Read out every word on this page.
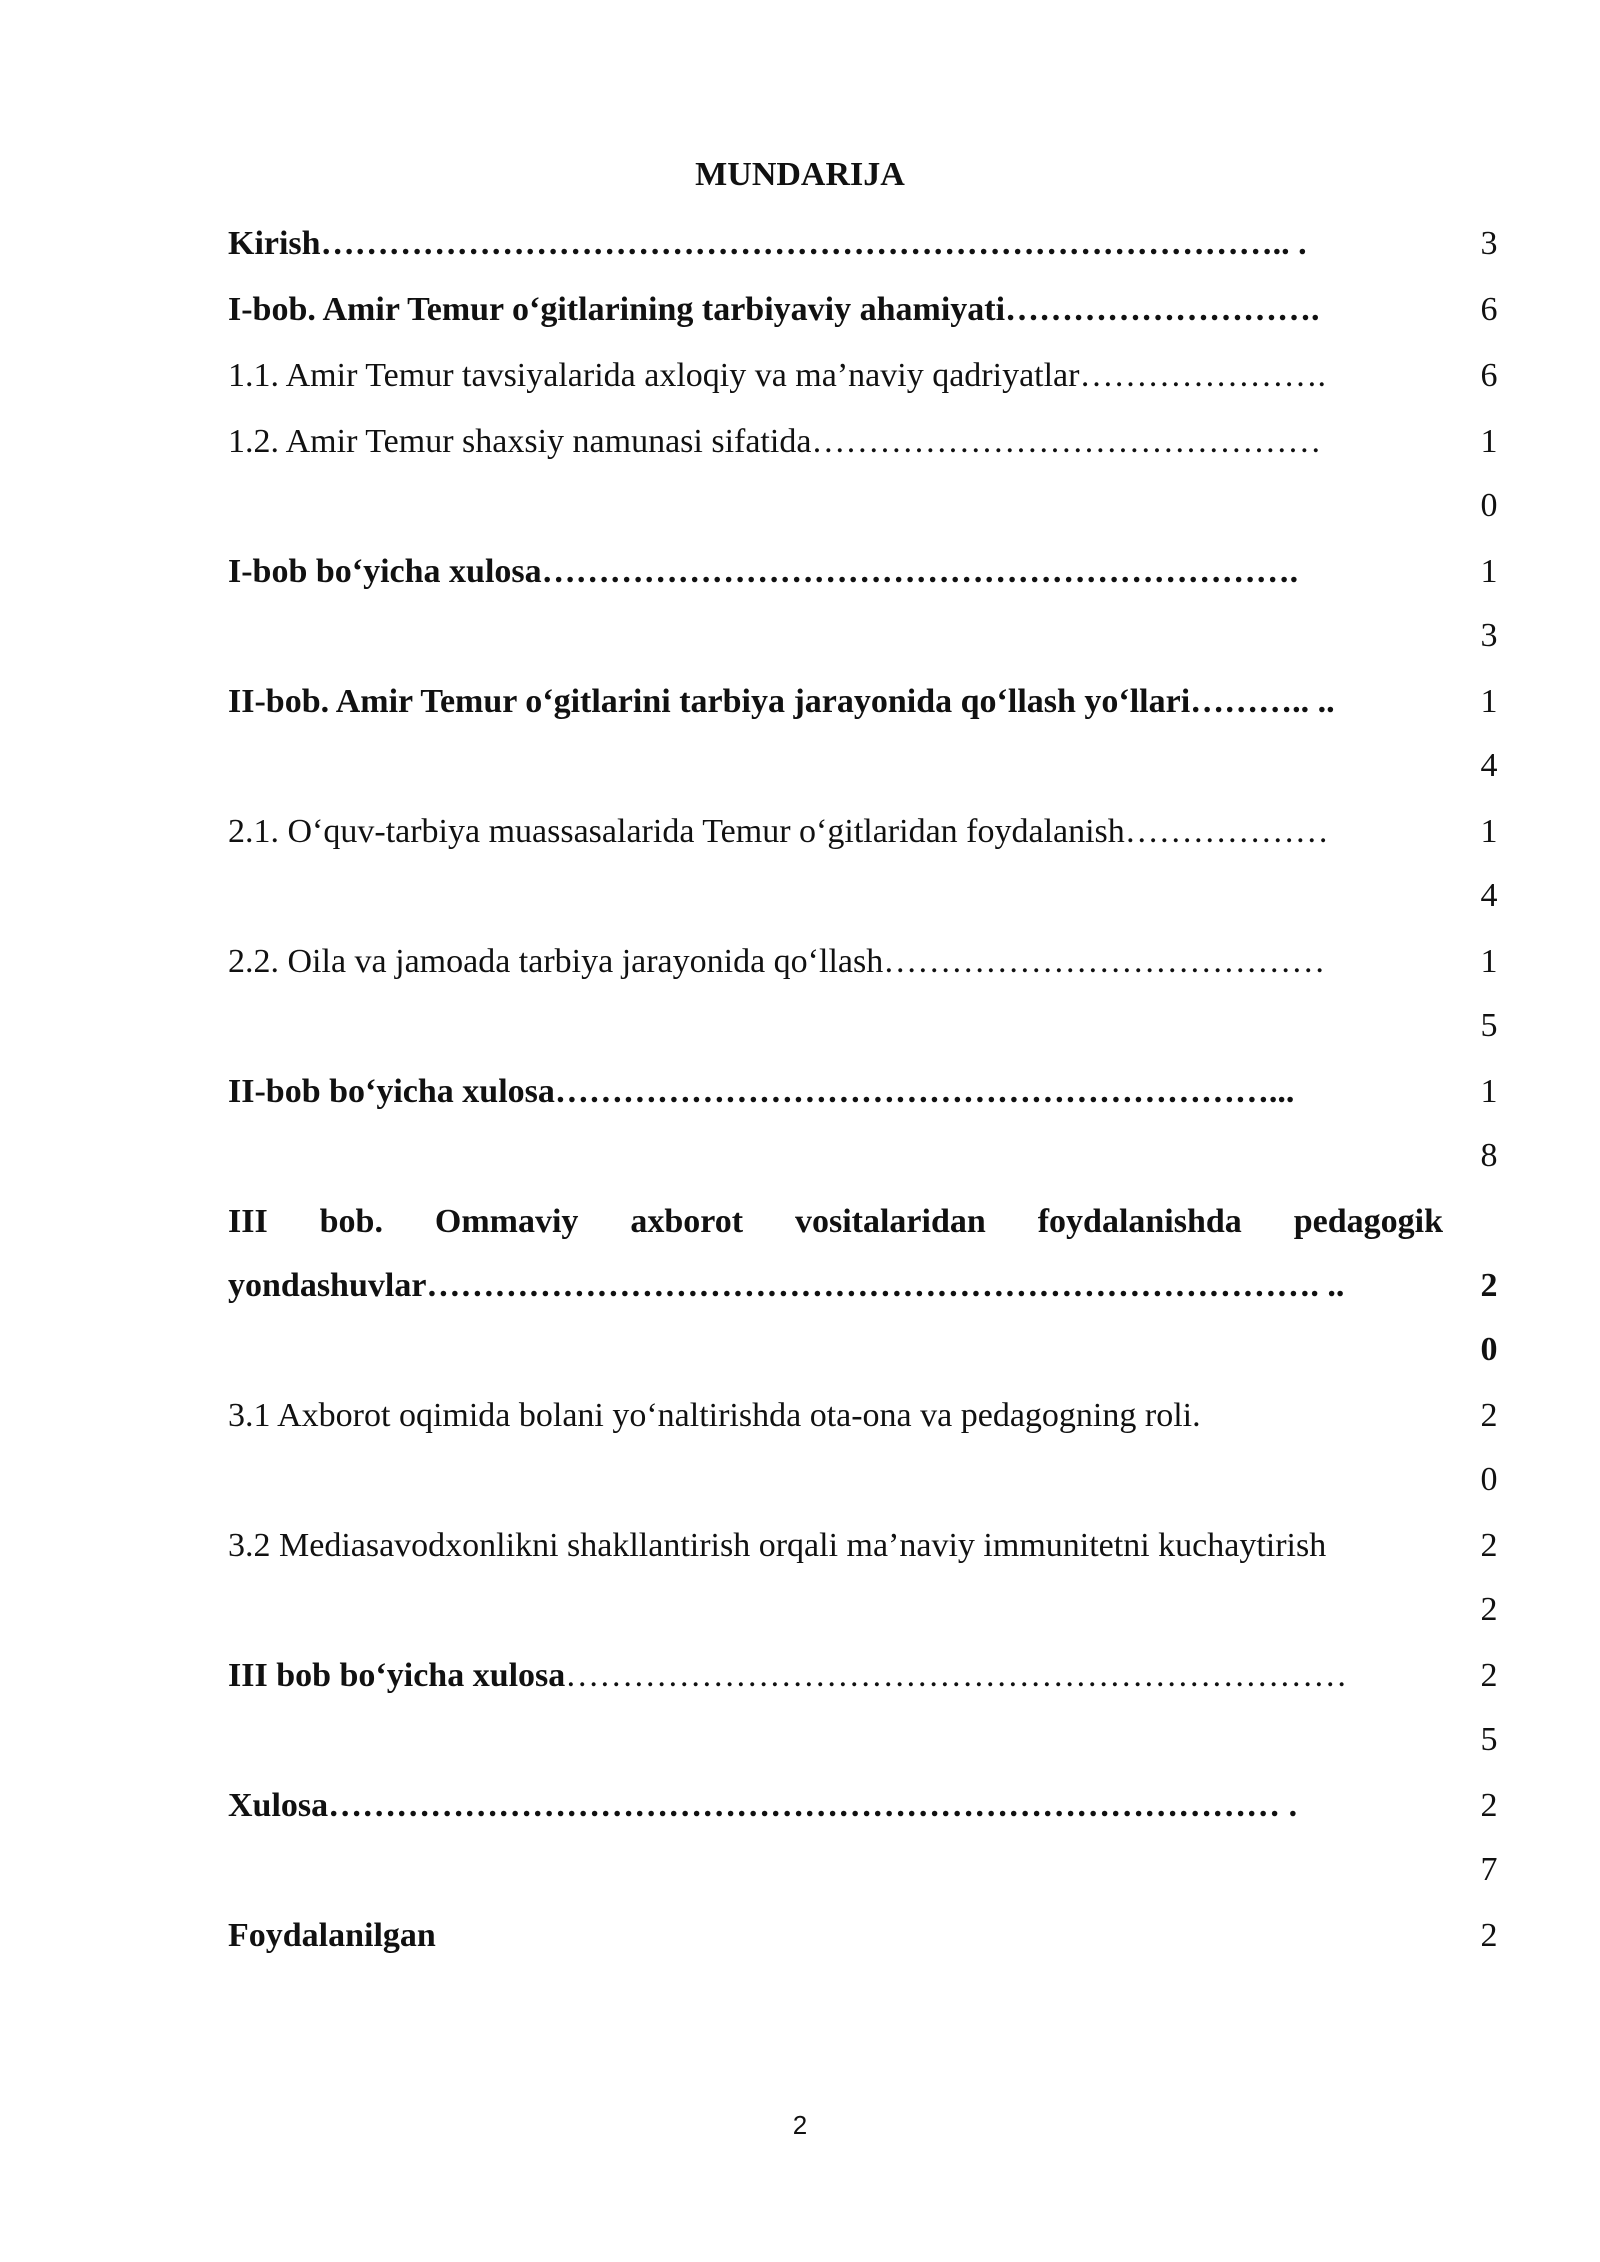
MUNDARIJA
Kirish………………………………………………………………………….. .	3
I-bob. Amir Temur o‘gitlarining tarbiyaviy ahamiyati……………………….	6
1.1. Amir Temur tavsiyalarida axloqiy va ma’naviy qadriyatlar………………….	6
1.2. Amir Temur shaxsiy namunasi sifatida………………………………………	10
I-bob bo‘yicha xulosa………………………………………………………….	13
II-bob. Amir Temur o‘gitlarini tarbiya jarayonida qo‘llash yo‘llari……….. ..	14
2.1. O‘quv-tarbiya muassasalarida Temur o‘gitlaridan foydalanish………………	14
2.2. Oila va jamoada tarbiya jarayonida qo‘llash…………………………………	15
II-bob bo‘yicha xulosa………………………………………………………...	18
III bob. Ommaviy axborot vositalaridan foydalanishda pedagogik yondashuvlar……………………………………………………………………. ..	20
3.1 Axborot oqimida bolani yo‘naltirishda ota-ona va pedagogning roli.	20
3.2 Mediasavodxonlikni shakllantirish orqali ma’naviy immunitetni kuchaytirish	22
III bob bo‘yicha xulosa……………………………………………………………	25
Xulosa………………………………………………………………………… .	27
Foydalanilgan	2
2
